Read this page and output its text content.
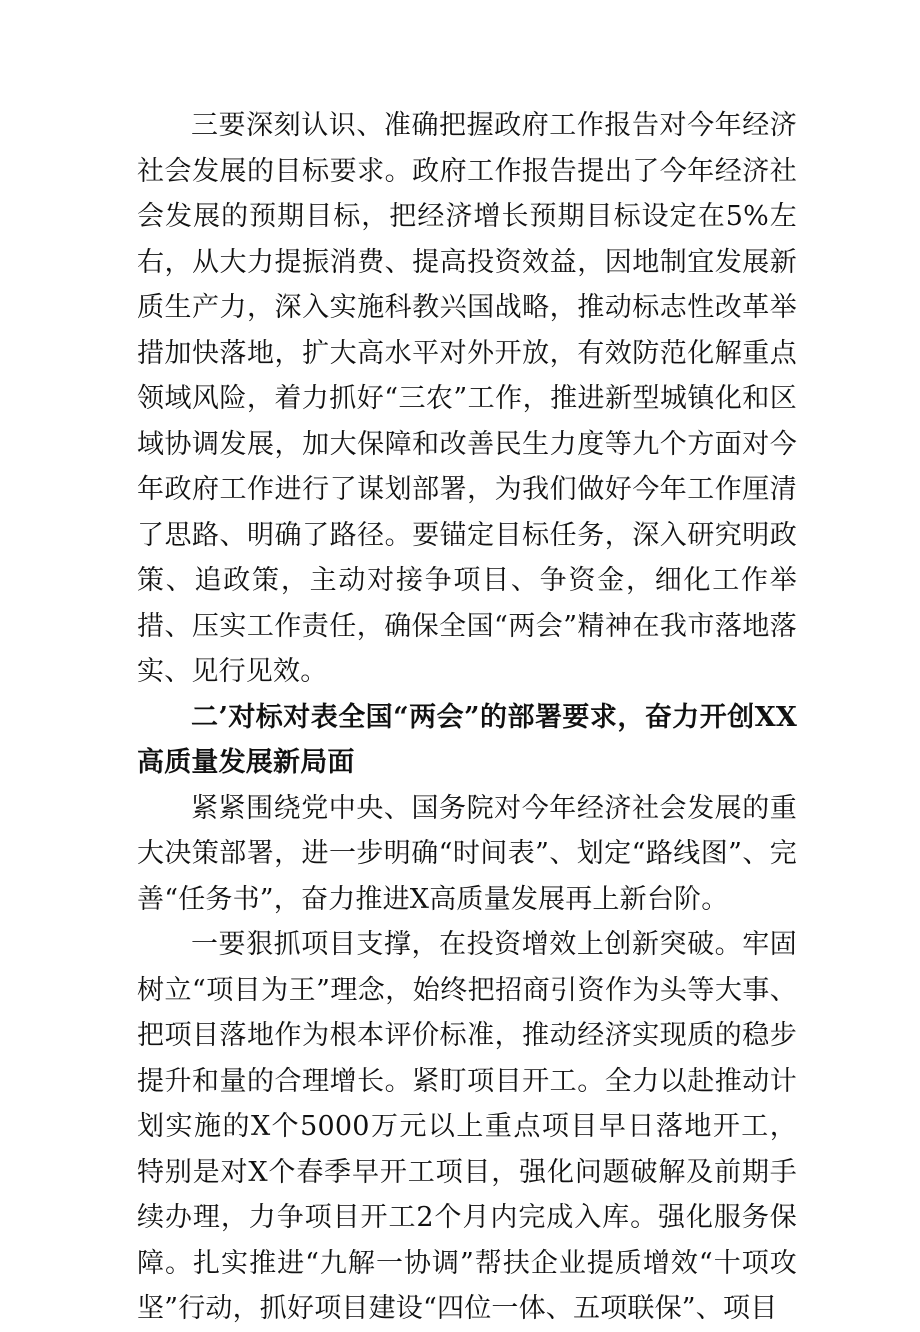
三要深刻认识、准确把握政府工作报告对今年经济社会发展的目标要求。政府工作报告提出了今年经济社会发展的预期目标，把经济增长预期目标设定在5%左右，从大力提振消费、提高投资效益，因地制宜发展新质生产力，深入实施科教兴国战略，推动标志性改革举措加快落地，扩大高水平对外开放，有效防范化解重点领域风险，着力抓好“三农”工作，推进新型城镇化和区域协调发展，加大保障和改善民生力度等九个方面对今年政府工作进行了谋划部署，为我们做好今年工作厘清了思路、明确了路径。要锚定目标任务，深入研究明政策、追政策，主动对接争项目、争资金，细化工作举措、压实工作责任，确保全国“两会”精神在我市落地落实、见行见效。

二’对标对表全国“两会”的部署要求，奋力开创XX高质量发展新局面

紧紧围绕党中央、国务院对今年经济社会发展的重大决策部署，进一步明确“时间表”、划定“路线图”、完善“任务书”，奋力推进X高质量发展再上新台阶。

一要狠抓项目支撑，在投资增效上创新突破。牢固树立“项目为王”理念，始终把招商引资作为头等大事、把项目落地作为根本评价标准，推动经济实现质的稳步提升和量的合理增长。紧盯项目开工。全力以赴推动计划实施的X个5000万元以上重点项目早日落地开工，特别是对X个春季早开工项目，强化问题破解及前期手续办理，力争项目开工2个月内完成入库。强化服务保障。扎实推进“九解一协调”帮扶企业提质增效“十项攻坚”行动，抓好项目建设“四位一体、五项联保”、项目
